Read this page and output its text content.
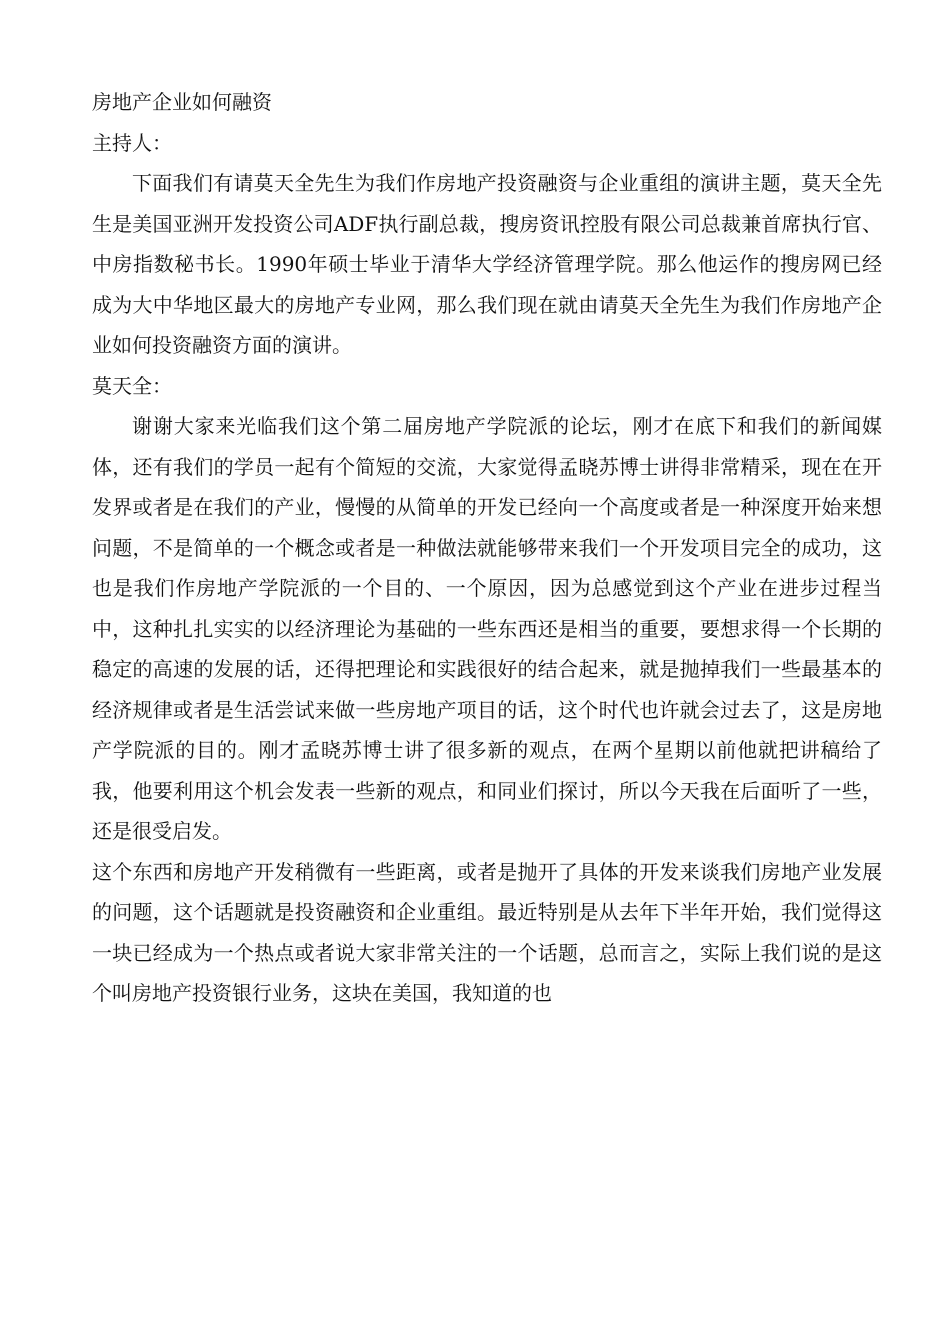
房地产企业如何融资

主持人：

下面我们有请莫天全先生为我们作房地产投资融资与企业重组的演讲主题，莫天全先生是美国亚洲开发投资公司ADF执行副总裁，搜房资讯控股有限公司总裁兼首席执行官、中房指数秘书长。1990年硕士毕业于清华大学经济管理学院。那么他运作的搜房网已经成为大中华地区最大的房地产专业网，那么我们现在就由请莫天全先生为我们作房地产企业如何投资融资方面的演讲。

莫天全：

谢谢大家来光临我们这个第二届房地产学院派的论坛，刚才在底下和我们的新闻媒体，还有我们的学员一起有个简短的交流，大家觉得孟晓苏博士讲得非常精采，现在在开发界或者是在我们的产业，慢慢的从简单的开发已经向一个高度或者是一种深度开始来想问题，不是简单的一个概念或者是一种做法就能够带来我们一个开发项目完全的成功，这也是我们作房地产学院派的一个目的、一个原因，因为总感觉到这个产业在进步过程当中，这种扎扎实实的以经济理论为基础的一些东西还是相当的重要，要想求得一个长期的稳定的高速的发展的话，还得把理论和实践很好的结合起来，就是抛掉我们一些最基本的经济规律或者是生活尝试来做一些房地产项目的话，这个时代也许就会过去了，这是房地产学院派的目的。刚才孟晓苏博士讲了很多新的观点，在两个星期以前他就把讲稿给了我，他要利用这个机会发表一些新的观点，和同业们探讨，所以今天我在后面听了一些，还是很受启发。

这个东西和房地产开发稍微有一些距离，或者是抛开了具体的开发来谈我们房地产业发展的问题，这个话题就是投资融资和企业重组。最近特别是从去年下半年开始，我们觉得这一块已经成为一个热点或者说大家非常关注的一个话题，总而言之，实际上我们说的是这个叫房地产投资银行业务，这块在美国，我知道的也
